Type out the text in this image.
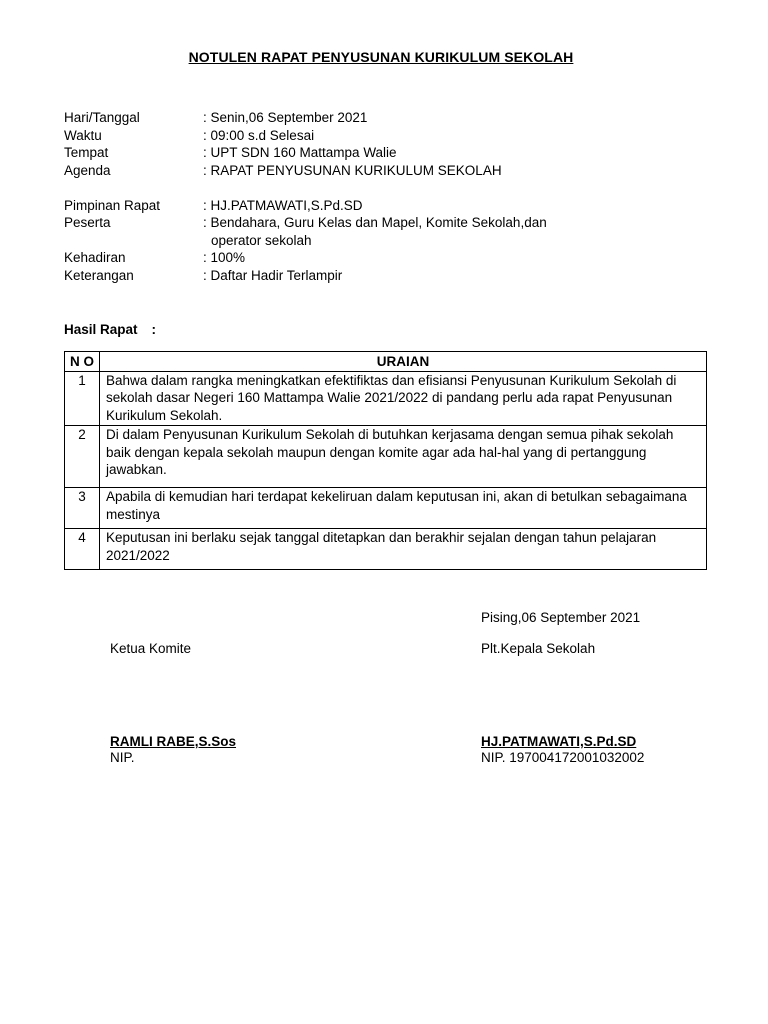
NOTULEN RAPAT PENYUSUNAN KURIKULUM SEKOLAH
Hari/Tanggal	: Senin,06 September 2021
Waktu	: 09:00 s.d Selesai
Tempat	: UPT SDN 160 Mattampa Walie
Agenda	: RAPAT PENYUSUNAN KURIKULUM SEKOLAH
Pimpinan Rapat	: HJ.PATMAWATI,S.Pd.SD
Peserta	: Bendahara, Guru Kelas dan Mapel, Komite Sekolah,dan
operator sekolah
Kehadiran	: 100%
Keterangan	: Daftar Hadir Terlampir
Hasil Rapat :
N O	URAIAN
1	Bahwa dalam rangka meningkatkan efektifiktas dan efisiansi Penyusunan Kurikulum Sekolah di sekolah dasar Negeri 160 Mattampa Walie 2021/2022 di pandang perlu ada rapat Penyusunan Kurikulum Sekolah.
2	Di dalam Penyusunan Kurikulum Sekolah di butuhkan kerjasama dengan semua pihak sekolah baik dengan kepala sekolah maupun dengan komite agar ada hal-hal yang di pertanggung jawabkan.
3	Apabila di kemudian hari terdapat kekeliruan dalam keputusan ini, akan di betulkan sebagaimana mestinya
4	Keputusan ini berlaku sejak tanggal ditetapkan dan berakhir sejalan dengan tahun pelajaran 2021/2022
Pising,06 September 2021
Ketua Komite	Plt.Kepala Sekolah
RAMLI RABE,S.Sos	HJ.PATMAWATI,S.Pd.SD
NIP.	NIP. 197004172001032002
